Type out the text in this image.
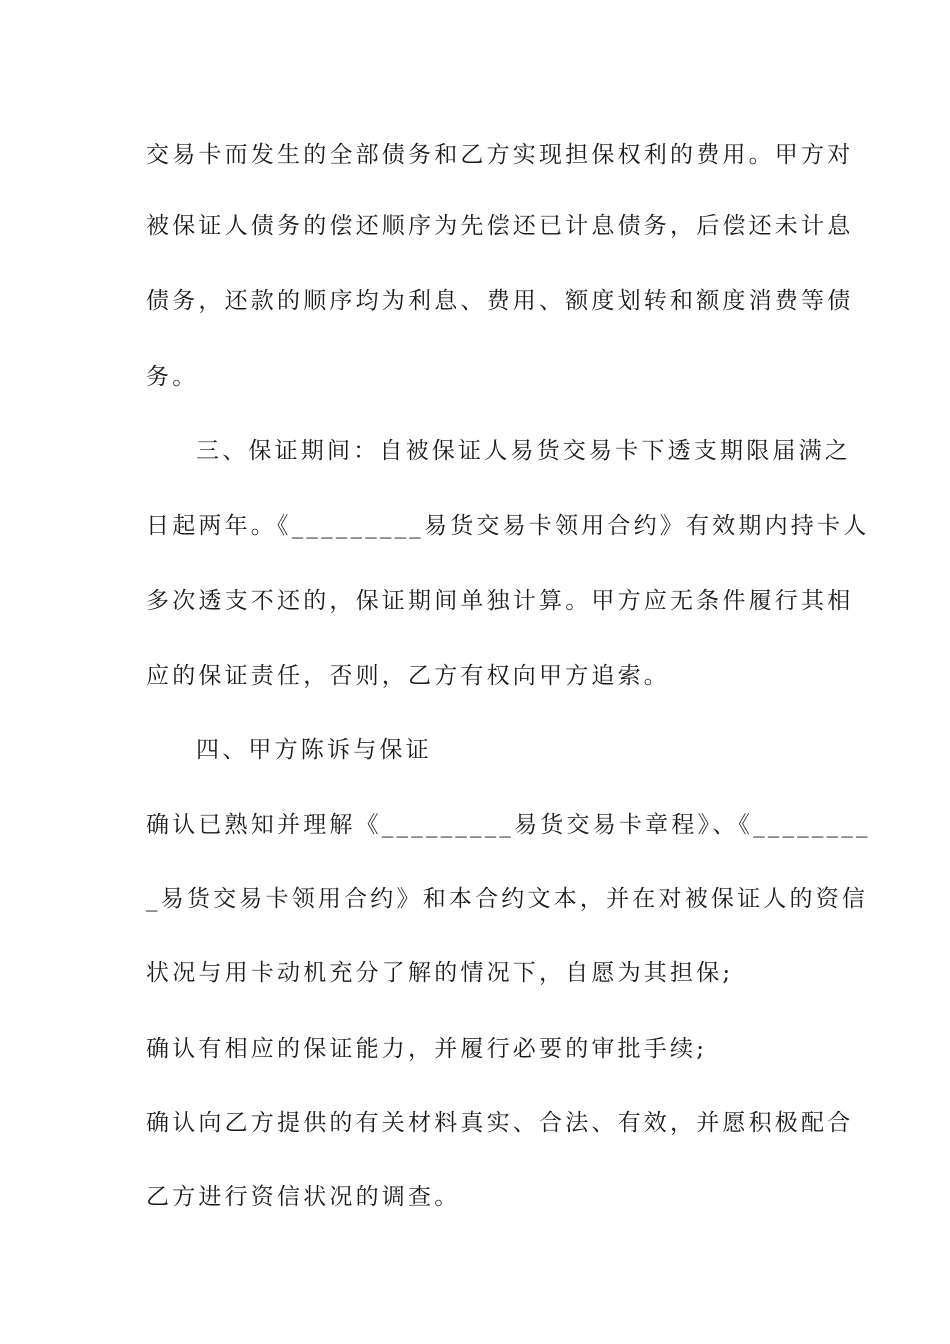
交易卡而发生的全部债务和乙方实现担保权利的费用。甲方对
被保证人债务的偿还顺序为先偿还已计息债务，后偿还未计息
债务，还款的顺序均为利息、费用、额度划转和额度消费等债
务。
三、保证期间：自被保证人易货交易卡下透支期限届满之
日起两年。《_________易货交易卡领用合约》有效期内持卡人
多次透支不还的，保证期间单独计算。甲方应无条件履行其相
应的保证责任，否则，乙方有权向甲方追索。
四、甲方陈诉与保证
确认已熟知并理解《_________易货交易卡章程》、《________
_易货交易卡领用合约》和本合约文本，并在对被保证人的资信
状况与用卡动机充分了解的情况下，自愿为其担保;
确认有相应的保证能力，并履行必要的审批手续;
确认向乙方提供的有关材料真实、合法、有效，并愿积极配合
乙方进行资信状况的调查。
